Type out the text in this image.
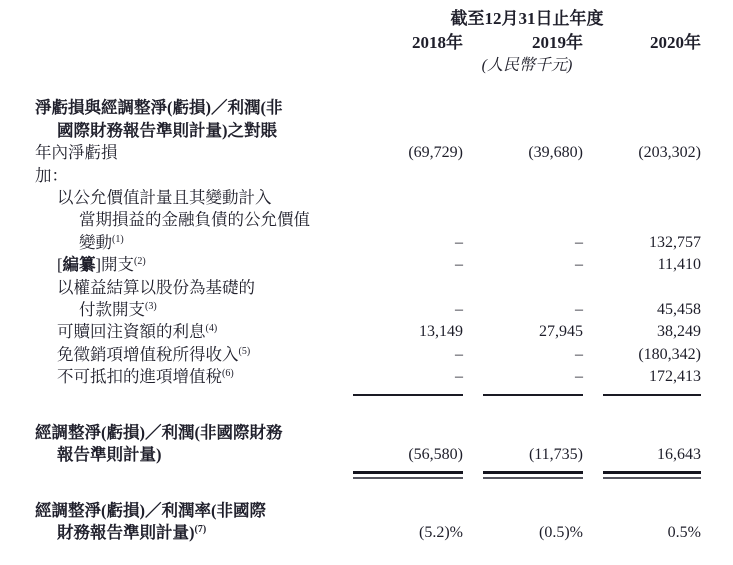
截至12月31日止年度
2018年	2019年	2020年
(人民幣千元)
淨虧損與經調整淨(虧損)／利潤(非
國際財務報告準則計量)之對賬
年內淨虧損	(69,729)	(39,680)	(203,302)
加：
以公允價值計量且其變動計入
當期損益的金融負債的公允價值
變動$^{(1)}$	–	–	132,757
[編纂]開支$^{(2)}$	–	–	11,410
以權益結算以股份為基礎的
付款開支$^{(3)}$	–	–	45,458
可贖回注資額的利息$^{(4)}$	13,149	27,945	38,249
免徵銷項增值稅所得收入$^{(5)}$	–	–	(180,342)
不可抵扣的進項增值稅$^{(6)}$	–	–	172,413
經調整淨(虧損)／利潤(非國際財務
報告準則計量)	(56,580)	(11,735)	16,643
經調整淨(虧損)／利潤率(非國際
財務報告準則計量)$^{(7)}$	(5.2)%	(0.5)%	0.5%
